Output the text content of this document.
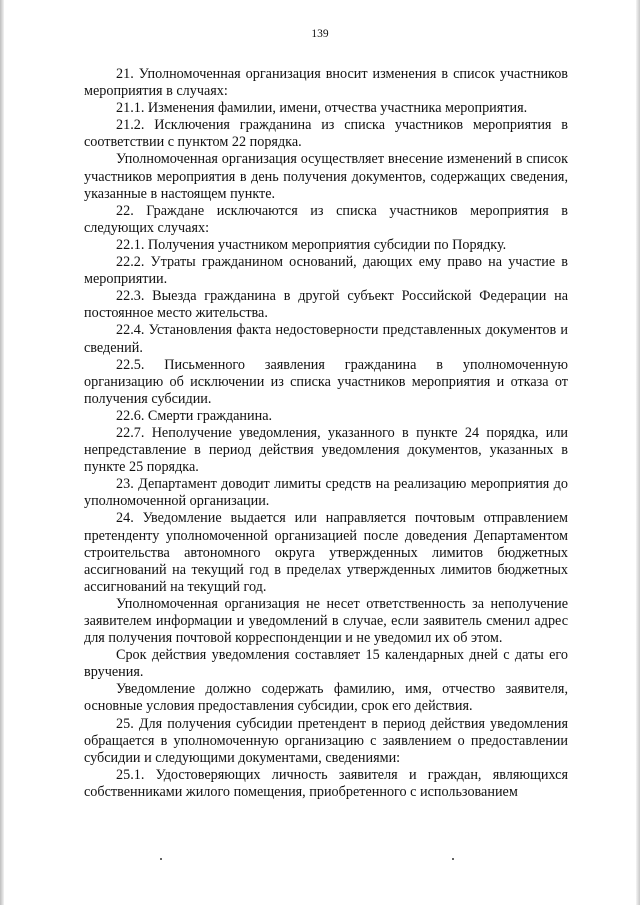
139

21. Уполномоченная организация вносит изменения в список участников мероприятия в случаях:

21.1. Изменения фамилии, имени, отчества участника мероприятия.

21.2. Исключения гражданина из списка участников мероприятия в соответствии с пунктом 22 порядка.

Уполномоченная организация осуществляет внесение изменений в список участников мероприятия в день получения документов, содержащих сведения, указанные в настоящем пункте.

22. Граждане исключаются из списка участников мероприятия в следующих случаях:

22.1. Получения участником мероприятия субсидии по Порядку.

22.2. Утраты гражданином оснований, дающих ему право на участие в мероприятии.

22.3. Выезда гражданина в другой субъект Российской Федерации на постоянное место жительства.

22.4. Установления факта недостоверности представленных документов и сведений.

22.5. Письменного заявления гражданина в уполномоченную организацию об исключении из списка участников мероприятия и отказа от получения субсидии.

22.6. Смерти гражданина.

22.7. Неполучение уведомления, указанного в пункте 24 порядка, или непредставление в период действия уведомления документов, указанных в пункте 25 порядка.

23. Департамент доводит лимиты средств на реализацию мероприятия до уполномоченной организации.

24. Уведомление выдается или направляется почтовым отправлением претенденту уполномоченной организацией после доведения Департаментом строительства автономного округа утвержденных лимитов бюджетных ассигнований на текущий год в пределах утвержденных лимитов бюджетных ассигнований на текущий год.

Уполномоченная организация не несет ответственность за неполучение заявителем информации и уведомлений в случае, если заявитель сменил адрес для получения почтовой корреспонденции и не уведомил их об этом.

Срок действия уведомления составляет 15 календарных дней с даты его вручения.

Уведомление должно содержать фамилию, имя, отчество заявителя, основные условия предоставления субсидии, срок его действия.

25. Для получения субсидии претендент в период действия уведомления обращается в уполномоченную организацию с заявлением о предоставлении субсидии и следующими документами, сведениями:

25.1. Удостоверяющих личность заявителя и граждан, являющихся собственниками жилого помещения, приобретенного с использованием
